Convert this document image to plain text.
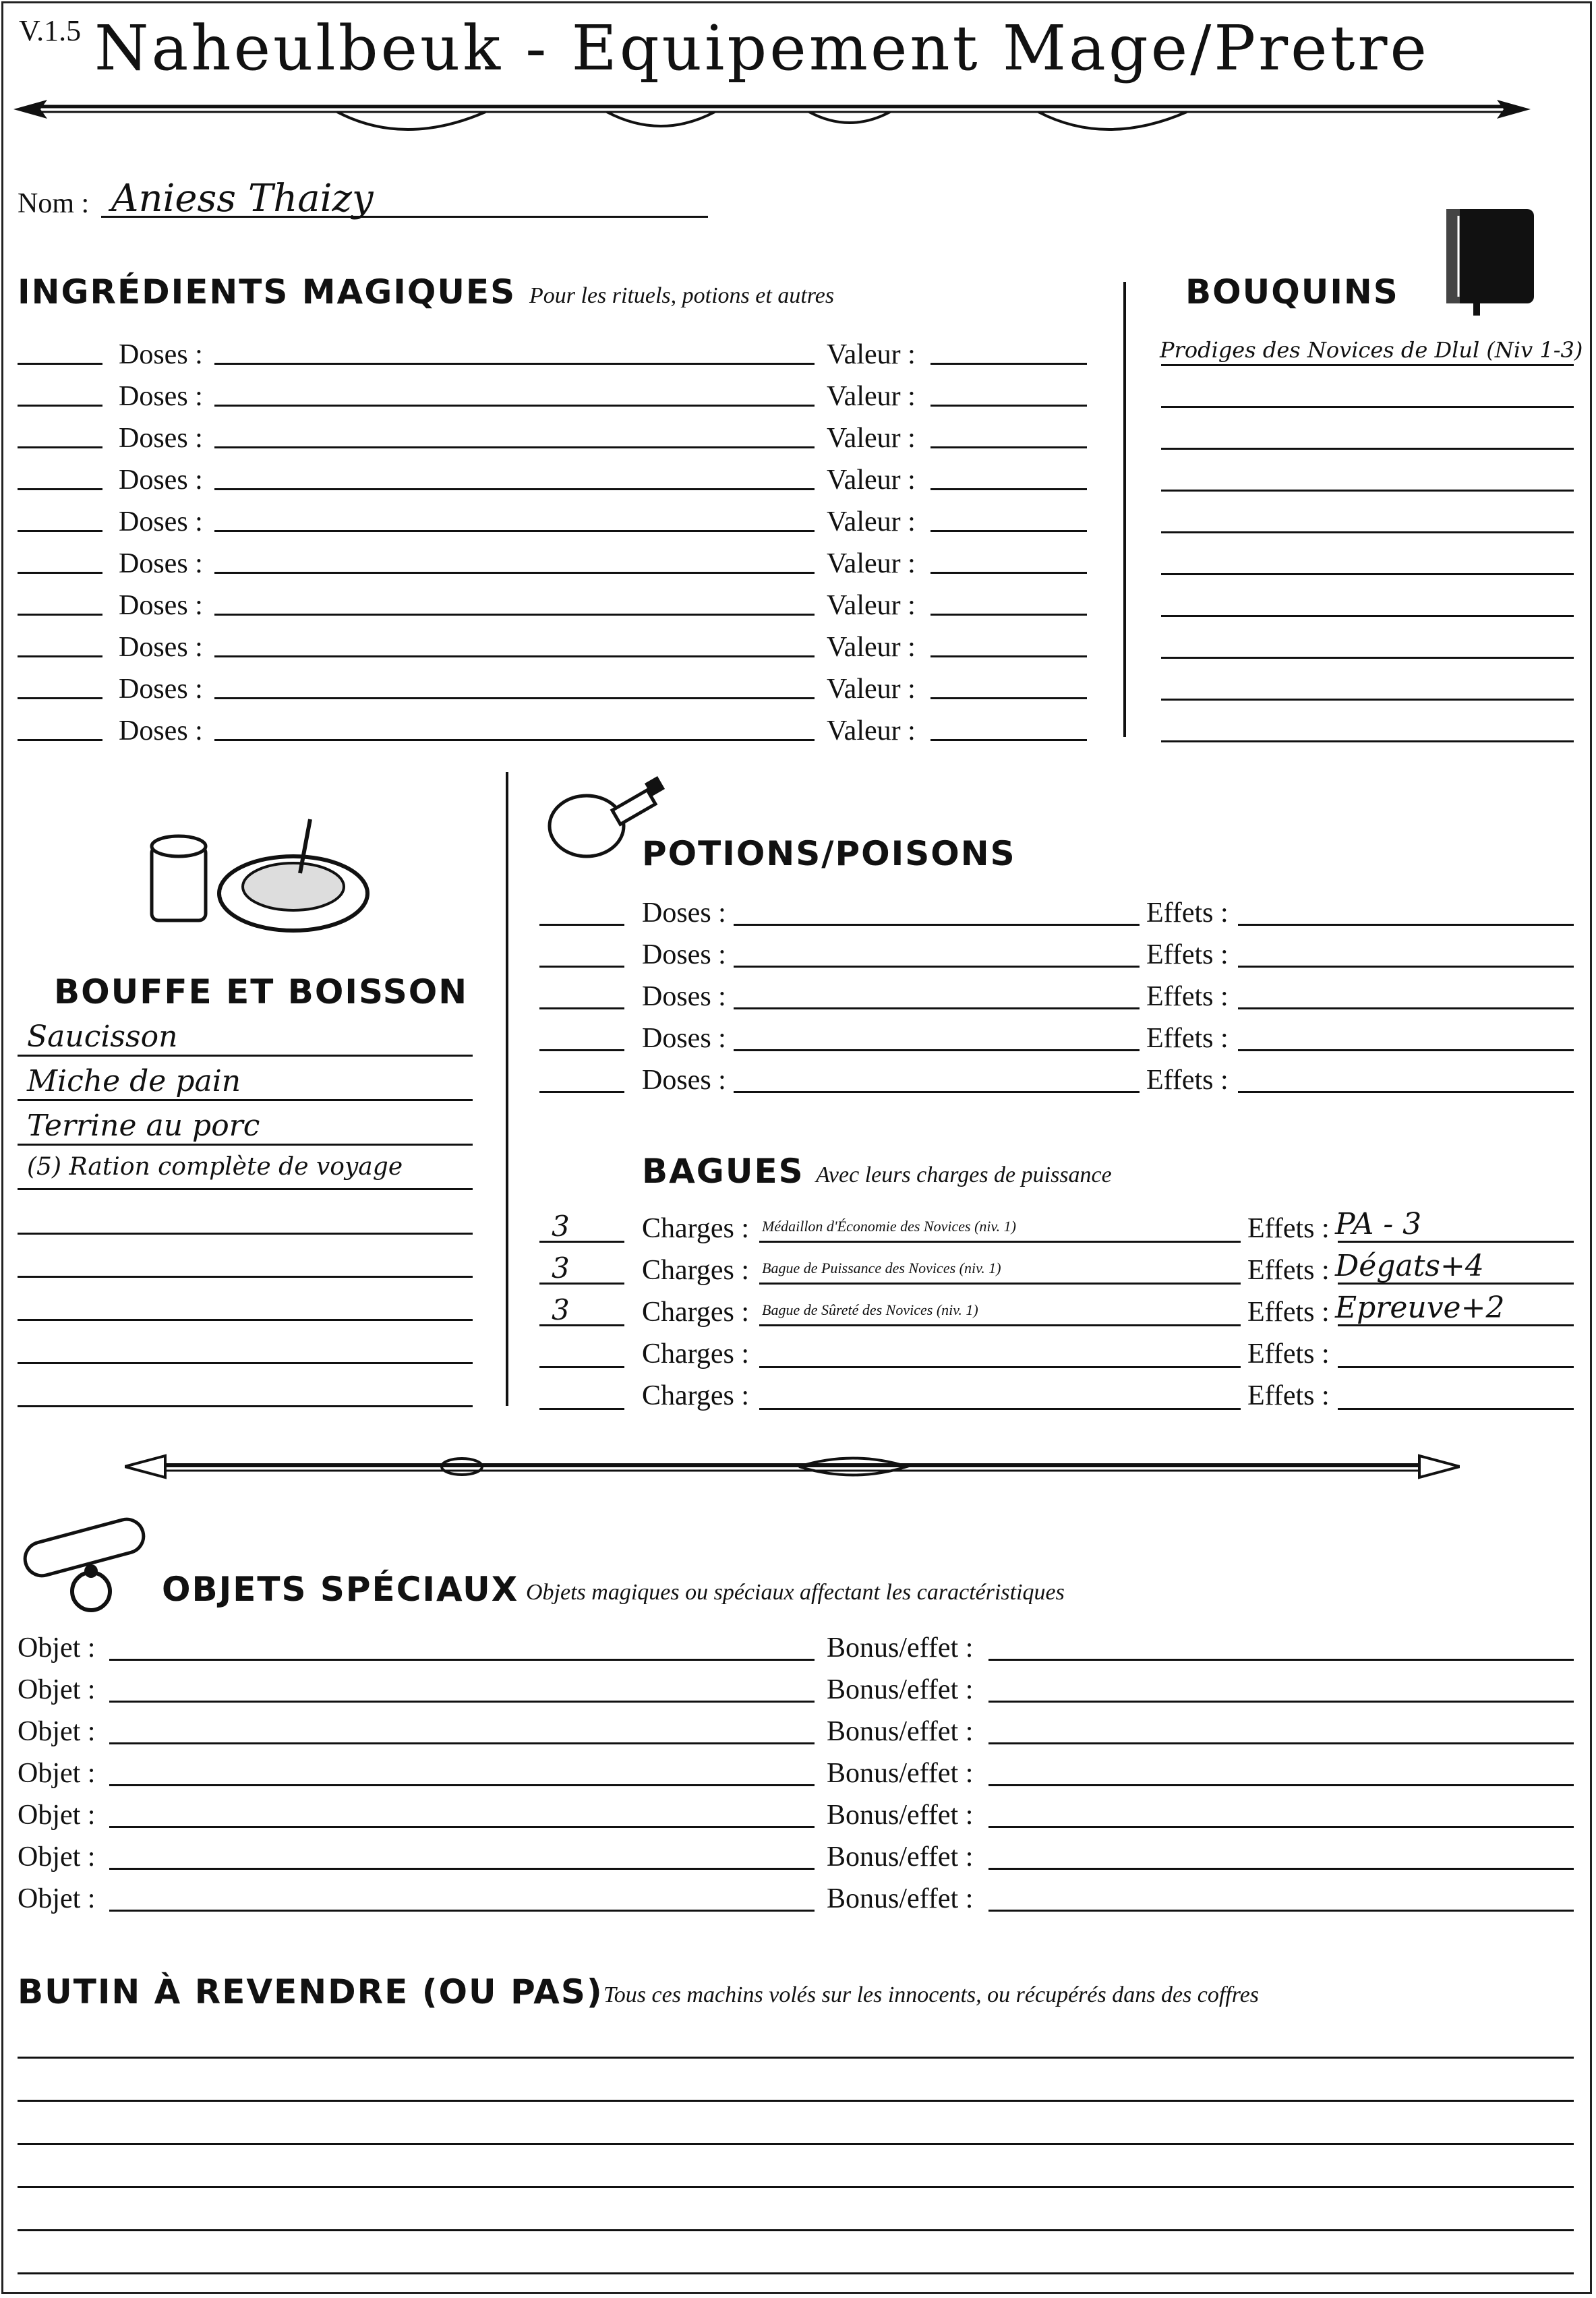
V.1.5 Naheulbeuk - Equipement Mage/Pretre
Nom : Aniess Thaizy
INGRÉDIENTS MAGIQUES Pour les rituels, potions et autres
Doses :	Valeur :
Doses :	Valeur :
Doses :	Valeur :
Doses :	Valeur :
Doses :	Valeur :
Doses :	Valeur :
Doses :	Valeur :
Doses :	Valeur :
Doses :	Valeur :
Doses :	Valeur :
BOUQUINS
Prodiges des Novices de Dlul (Niv 1-3)
BOUFFE ET BOISSON
Saucisson
Miche de pain
Terrine au porc
(5) Ration complète de voyage
POTIONS/POISONS
Doses :	Effets :
Doses :	Effets :
Doses :	Effets :
Doses :	Effets :
Doses :	Effets :
BAGUES Avec leurs charges de puissance
3	Charges : Médaillon d'Économie des Novices (niv. 1)	Effets : PA - 3
3	Charges : Bague de Puissance des Novices (niv. 1)	Effets : Dégats+4
3	Charges : Bague de Sûreté des Novices (niv. 1)	Effets : Epreuve+2
Charges :	Effets :
Charges :	Effets :
OBJETS SPÉCIAUX Objets magiques ou spéciaux affectant les caractéristiques
Objet :	Bonus/effet :
Objet :	Bonus/effet :
Objet :	Bonus/effet :
Objet :	Bonus/effet :
Objet :	Bonus/effet :
Objet :	Bonus/effet :
Objet :	Bonus/effet :
BUTIN À REVENDRE (OU PAS) Tous ces machins volés sur les innocents, ou récupérés dans des coffres
